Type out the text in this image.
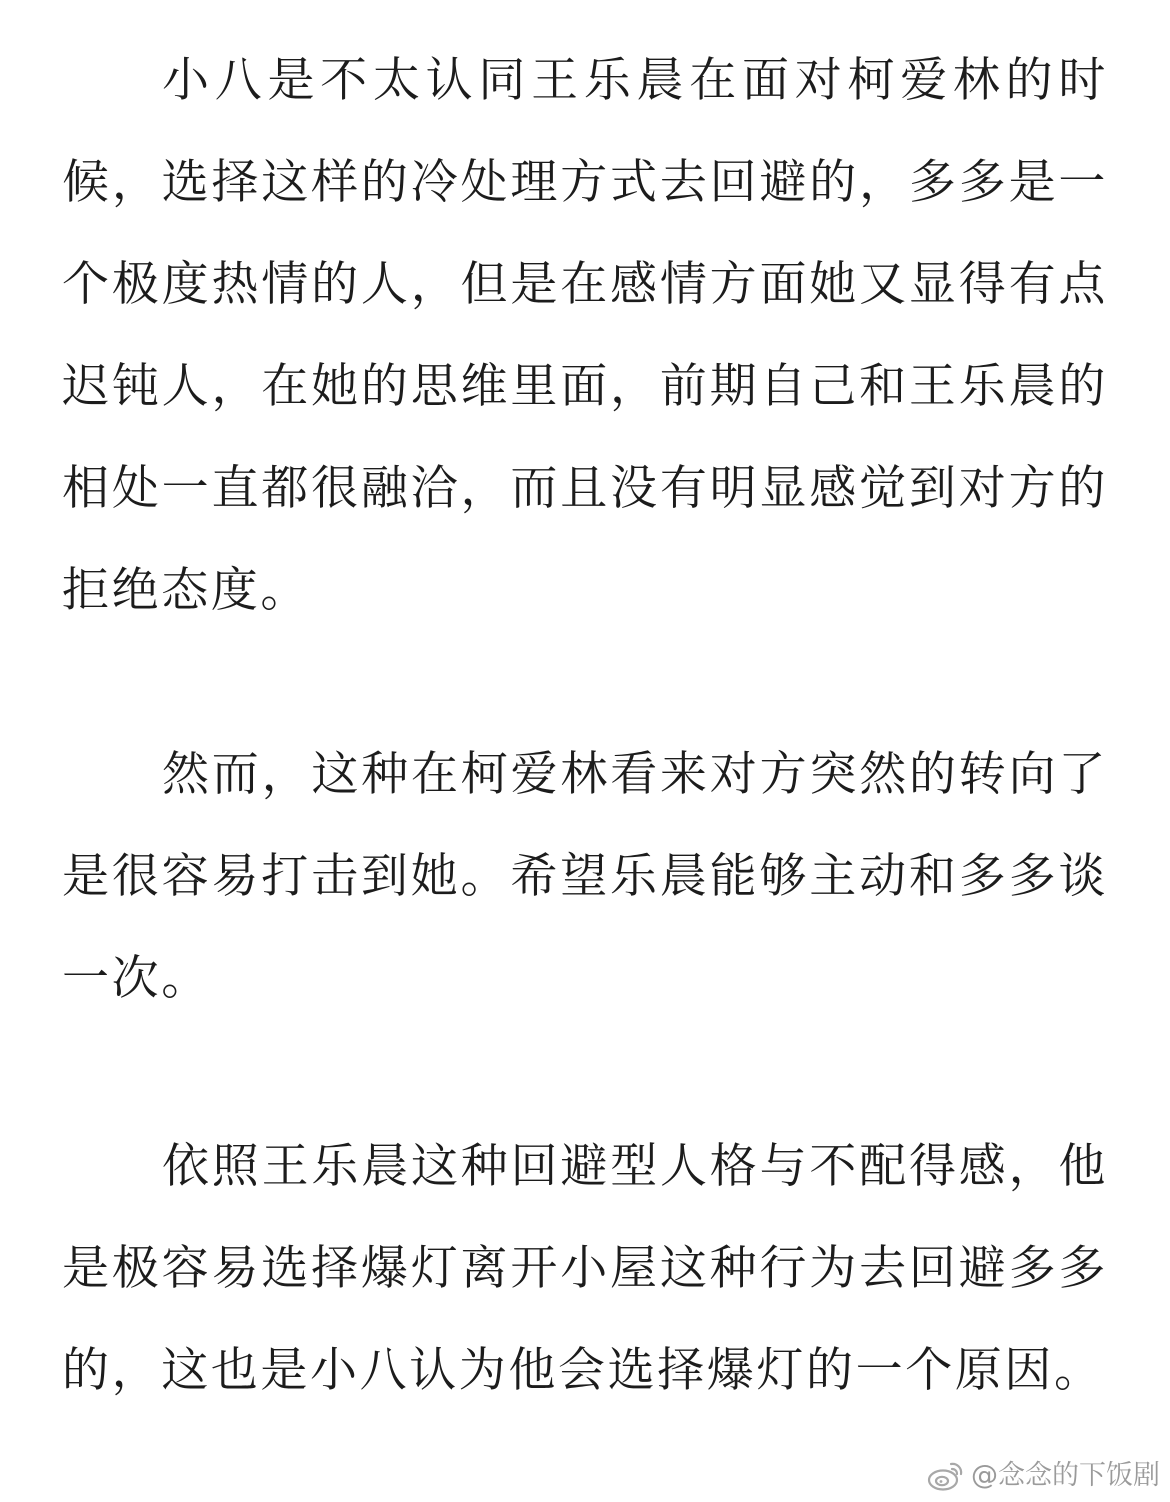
小八是不太认同王乐晨在面对柯爱林的时候，选择这样的冷处理方式去回避的，多多是一个极度热情的人，但是在感情方面她又显得有点迟钝人，在她的思维里面，前期自己和王乐晨的相处一直都很融洽，而且没有明显感觉到对方的拒绝态度。

然而，这种在柯爱林看来对方突然的转向了是很容易打击到她。希望乐晨能够主动和多多谈一次。

依照王乐晨这种回避型人格与不配得感，他是极容易选择爆灯离开小屋这种行为去回避多多的，这也是小八认为他会选择爆灯的一个原因。

@念念的下饭剧
